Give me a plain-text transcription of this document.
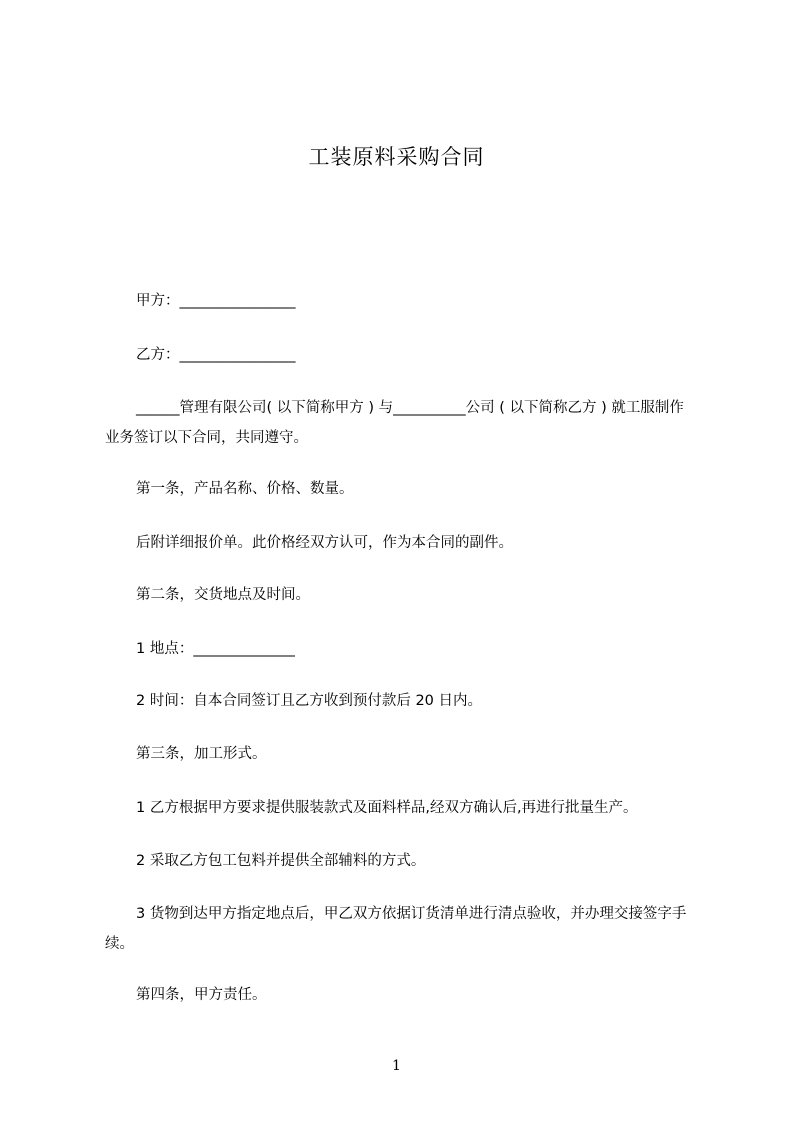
工装原料采购合同
甲方：________________
乙方：________________
______管理有限公司( 以下简称甲方 ) 与__________公司 ( 以下简称乙方 ) 就工服制作业务签订以下合同，共同遵守。
第一条，产品名称、价格、数量。
后附详细报价单。此价格经双方认可，作为本合同的副件。
第二条，交货地点及时间。
1 地点：______________
2 时间：自本合同签订且乙方收到预付款后 20 日内。
第三条，加工形式。
1 乙方根据甲方要求提供服装款式及面料样品,经双方确认后,再进行批量生产。
2 采取乙方包工包料并提供全部辅料的方式。
3 货物到达甲方指定地点后，甲乙双方依据订货清单进行清点验收，并办理交接签字手续。
第四条，甲方责任。
1
